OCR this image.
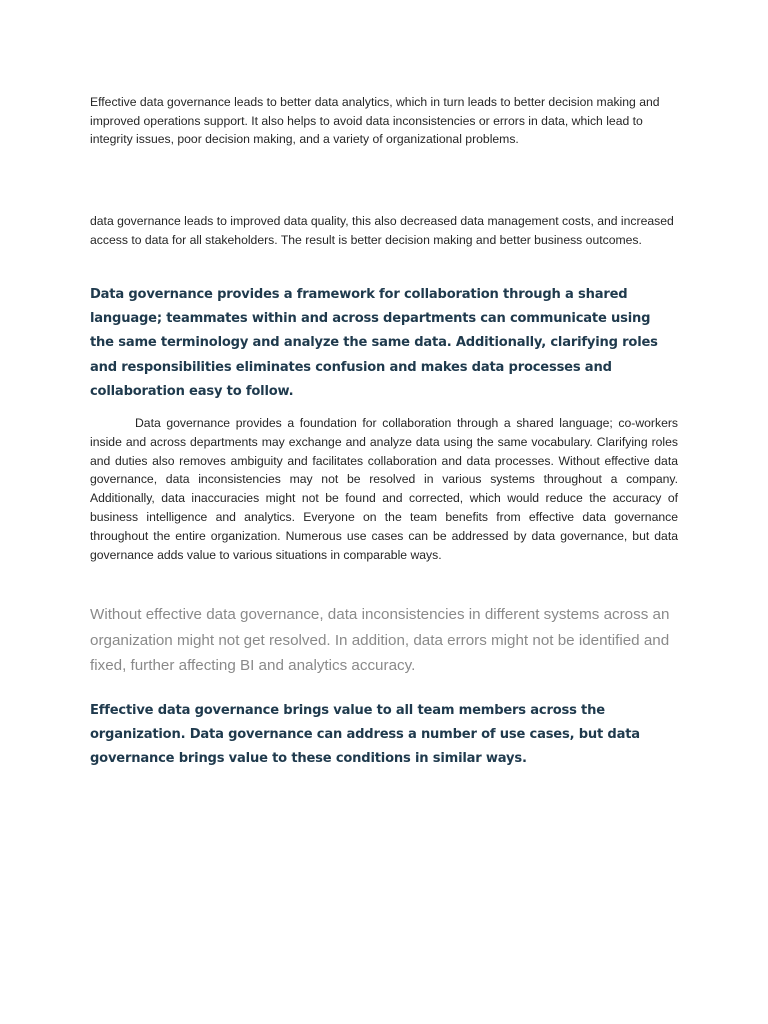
Effective data governance leads to better data analytics, which in turn leads to better decision making and improved operations support. It also helps to avoid data inconsistencies or errors in data, which lead to integrity issues, poor decision making, and a variety of organizational problems.

data governance leads to improved data quality, this also decreased data management costs, and increased access to data for all stakeholders. The result is better decision making and better business outcomes.

Data governance provides a framework for collaboration through a shared language; teammates within and across departments can communicate using the same terminology and analyze the same data. Additionally, clarifying roles and responsibilities eliminates confusion and makes data processes and collaboration easy to follow.

Data governance provides a foundation for collaboration through a shared language; co-workers inside and across departments may exchange and analyze data using the same vocabulary. Clarifying roles and duties also removes ambiguity and facilitates collaboration and data processes. Without effective data governance, data inconsistencies may not be resolved in various systems throughout a company. Additionally, data inaccuracies might not be found and corrected, which would reduce the accuracy of business intelligence and analytics. Everyone on the team benefits from effective data governance throughout the entire organization. Numerous use cases can be addressed by data governance, but data governance adds value to various situations in comparable ways.

Without effective data governance, data inconsistencies in different systems across an organization might not get resolved. In addition, data errors might not be identified and fixed, further affecting BI and analytics accuracy.

Effective data governance brings value to all team members across the organization. Data governance can address a number of use cases, but data governance brings value to these conditions in similar ways.
